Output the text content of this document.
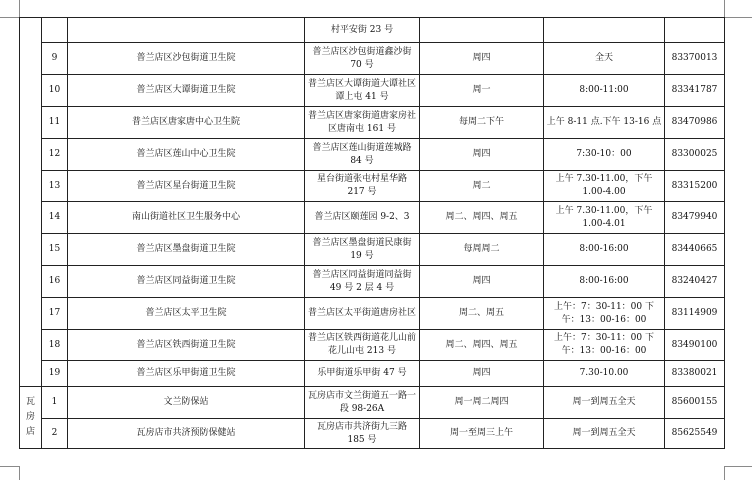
			村平安街 23 号			
	9	普兰店区沙包街道卫生院	普兰店区沙包街道鑫沙街 70 号	周四	全天	83370013
	10	普兰店区大谭街道卫生院	普兰店区大谭街道大谭社区谭上屯 41 号	周一	8:00-11:00	83341787
	11	普兰店区唐家唐中心卫生院	普兰店区唐家街道唐家房社区唐南屯 161 号	每周二下午	上午 8-11 点.下午 13-16 点	83470986
	12	普兰店区莲山中心卫生院	普兰店区莲山街道莲城路 84 号	周四	7:30-10：00	83300025
	13	普兰店区星台街道卫生院	星台街道张屯村星华路 217 号	周二	上午 7.30-11.00，下午 1.00-4.00	83315200
	14	南山街道社区卫生服务中心	普兰店区颐莲园 9-2、3	周二、周四、周五	上午 7.30-11.00，下午 1.00-4.01	83479940
	15	普兰店区墨盘街道卫生院	普兰店区墨盘街道民康街 19 号	每周周二	8:00-16:00	83440665
	16	普兰店区同益街道卫生院	普兰店区同益街道同益街 49 号 2 层 4 号	周四	8:00-16:00	83240427
	17	普兰店区太平卫生院	普兰店区太平街道唐房社区	周二、周五	上午：7：30-11：00 下午：13：00-16：00	83114909
	18	普兰店区铁西街道卫生院	普兰店区铁西街道花儿山前花儿山屯 213 号	周二、周四、周五	上午：7：30-11：00 下午：13：00-16：00	83490100
	19	普兰店区乐甲街道卫生院	乐甲街道乐甲街 47 号	周四	7.30-10.00	83380021
瓦房店	1	文兰防保站	瓦房店市文兰街道五一路一段 98-26A	周一周二周四	周一到周五全天	85600155
	2	瓦房店市共济预防保健站	瓦房店市共济街九三路 185 号	周一至周三上午	周一到周五全天	85625549
